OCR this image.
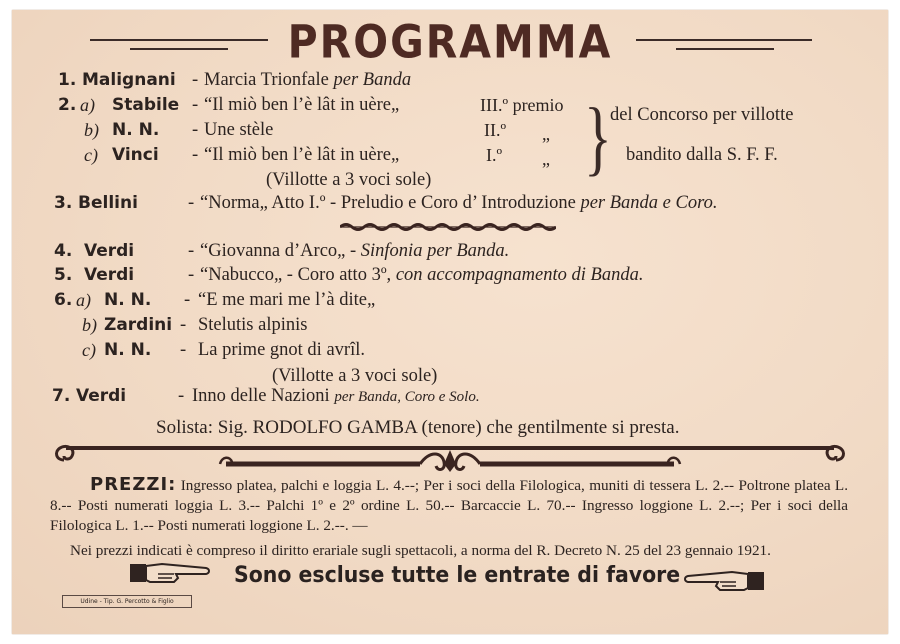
PROGRAMMA
1. Malignani - Marcia Trionfale per Banda
2. a) Stabile - “Il miò ben l’è lât in uère„	III.º premio
b) N. N. - Une stèle	II.º „
c) Vinci - “Il miò ben l’è lât in uère„	I.º „ }
del Concorso per villotte
bandito dalla S. F. F.
(Villotte a 3 voci sole)
3. Bellini	- “Norma„ Atto I.º - Preludio e Coro d’ Introduzione per Banda e Coro.
4. Verdi	- “Giovanna d’Arco„ - Sinfonia per Banda.
5. Verdi	- “Nabucco„ - Coro atto 3º, con accompagnamento di Banda.
6. a) N. N. - “E me mari me l’à dite„
b) Zardini - Stelutis alpinis
c) N. N. - La prime gnot di avrîl.
(Villotte a 3 voci sole)
7. Verdi	- Inno delle Nazioni per Banda, Coro e Solo.
Solista: Sig. RODOLFO GAMBA (tenore) che gentilmente si presta.
PREZZI: Ingresso platea, palchi e loggia L. 4.--; Per i soci della Filologica, muniti di tessera L. 2.-- Poltrone platea L. 8.-- Posti numerati loggia L. 3.-- Palchi 1º e 2º ordine L. 50.-- Barcaccie L. 70.-- Ingresso loggione L. 2.--; Per i soci della Filologica L. 1.-- Posti numerati loggione L. 2.--. —
Nei prezzi indicati è compreso il diritto erariale sugli spettacoli, a norma del R. Decreto N. 25 del 23 gennaio 1921.
Sono escluse tutte le entrate di favore
Udine - Tip. G. Percotto & Figlio
